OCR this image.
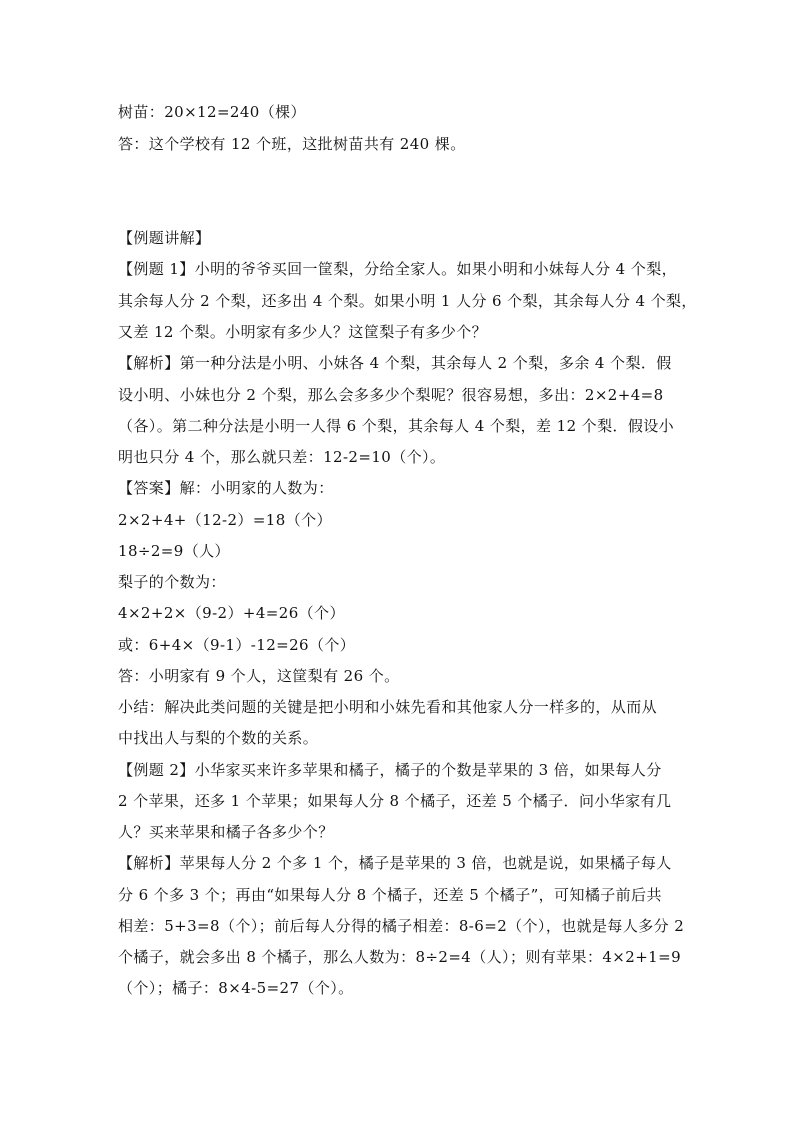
树苗：20×12=240（棵）
答：这个学校有 12 个班，这批树苗共有 240 棵。
【例题讲解】
【例题 1】小明的爷爷买回一筐梨，分给全家人。如果小明和小妹每人分 4 个梨，
其余每人分 2 个梨，还多出 4 个梨。如果小明 1 人分 6 个梨，其余每人分 4 个梨，
又差 12 个梨。小明家有多少人？这筐梨子有多少个？
【解析】第一种分法是小明、小妹各 4 个梨，其余每人 2 个梨，多余 4 个梨．假
设小明、小妹也分 2 个梨，那么会多多少个梨呢？很容易想，多出：2×2+4=8
（各）。第二种分法是小明一人得 6 个梨，其余每人 4 个梨，差 12 个梨．假设小
明也只分 4 个，那么就只差：12-2=10（个）。
【答案】解：小明家的人数为：
2×2+4+（12-2）=18（个）
18÷2=9（人）
梨子的个数为：
4×2+2×（9-2）+4=26（个）
或：6+4×（9-1）-12=26（个）
答：小明家有 9 个人，这筐梨有 26 个。
小结：解决此类问题的关键是把小明和小妹先看和其他家人分一样多的，从而从
中找出人与梨的个数的关系。
【例题 2】小华家买来许多苹果和橘子，橘子的个数是苹果的 3 倍，如果每人分
2 个苹果，还多 1 个苹果；如果每人分 8 个橘子，还差 5 个橘子．问小华家有几
人？买来苹果和橘子各多少个？
【解析】苹果每人分 2 个多 1 个，橘子是苹果的 3 倍，也就是说，如果橘子每人
分 6 个多 3 个；再由“如果每人分 8 个橘子，还差 5 个橘子”，可知橘子前后共
相差：5+3=8（个）；前后每人分得的橘子相差：8-6=2（个），也就是每人多分 2
个橘子，就会多出 8 个橘子，那么人数为：8÷2=4（人）；则有苹果：4×2+1=9
（个）；橘子：8×4-5=27（个）。
